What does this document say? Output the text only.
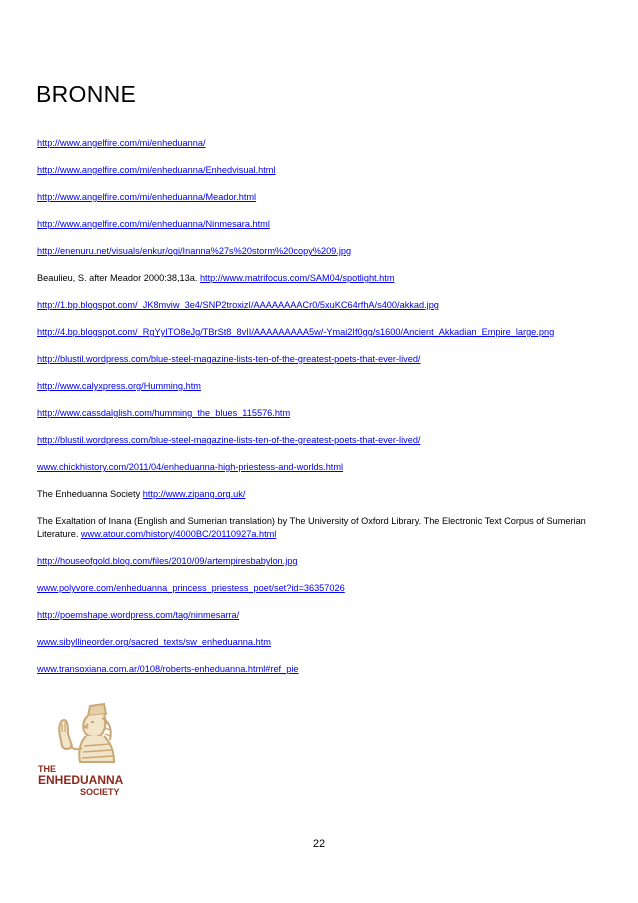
BRONNE
http://www.angelfire.com/mi/enheduanna/
http://www.angelfire.com/mi/enheduanna/Enhedvisual.html
http://www.angelfire.com/mi/enheduanna/Meador.html
http://www.angelfire.com/mi/enheduanna/Ninmesara.html
http://enenuru.net/visuals/enkur/ogi/Inanna%27s%20storm%20copy%209.jpg
Beaulieu, S. after Meador 2000:38,13a. http://www.matrifocus.com/SAM04/spotlight.htm
http://1.bp.blogspot.com/_JK8mviw_3e4/SNP2troxizI/AAAAAAAACr0/5xuKC64rfhA/s400/akkad.jpg
http://4.bp.blogspot.com/_RgYyITO8eJg/TBrSt8_8vII/AAAAAAAAA5w/-Ymai2If0gg/s1600/Ancient_Akkadian_Empire_large.png
http://blustil.wordpress.com/blue-steel-magazine-lists-ten-of-the-greatest-poets-that-ever-lived/
http://www.calyxpress.org/Humming.htm
http://www.cassdalglish.com/humming_the_blues_115576.htm
http://blustil.wordpress.com/blue-steel-magazine-lists-ten-of-the-greatest-poets-that-ever-lived/
www.chickhistory.com/2011/04/enheduanna-high-priestess-and-worlds.html
The Enheduanna Society http://www.zipang.org.uk/
The Exaltation of Inana (English and Sumerian translation) by The University of Oxford Library. The Electronic Text Corpus of Sumerian Literature. www.atour.com/history/4000BC/20110927a.html
http://houseofgold.blog.com/files/2010/09/artempiresbabylon.jpg
www.polyvore.com/enheduanna_princess_priestess_poet/set?id=36357026
http://poemshape.wordpress.com/tag/ninmesarra/
www.sibyllineorder.org/sacred_texts/sw_enheduanna.htm
www.transoxiana.com.ar/0108/roberts-enheduanna.html#ref_pie
THE
ENHEDUANNA
SOCIETY
22
